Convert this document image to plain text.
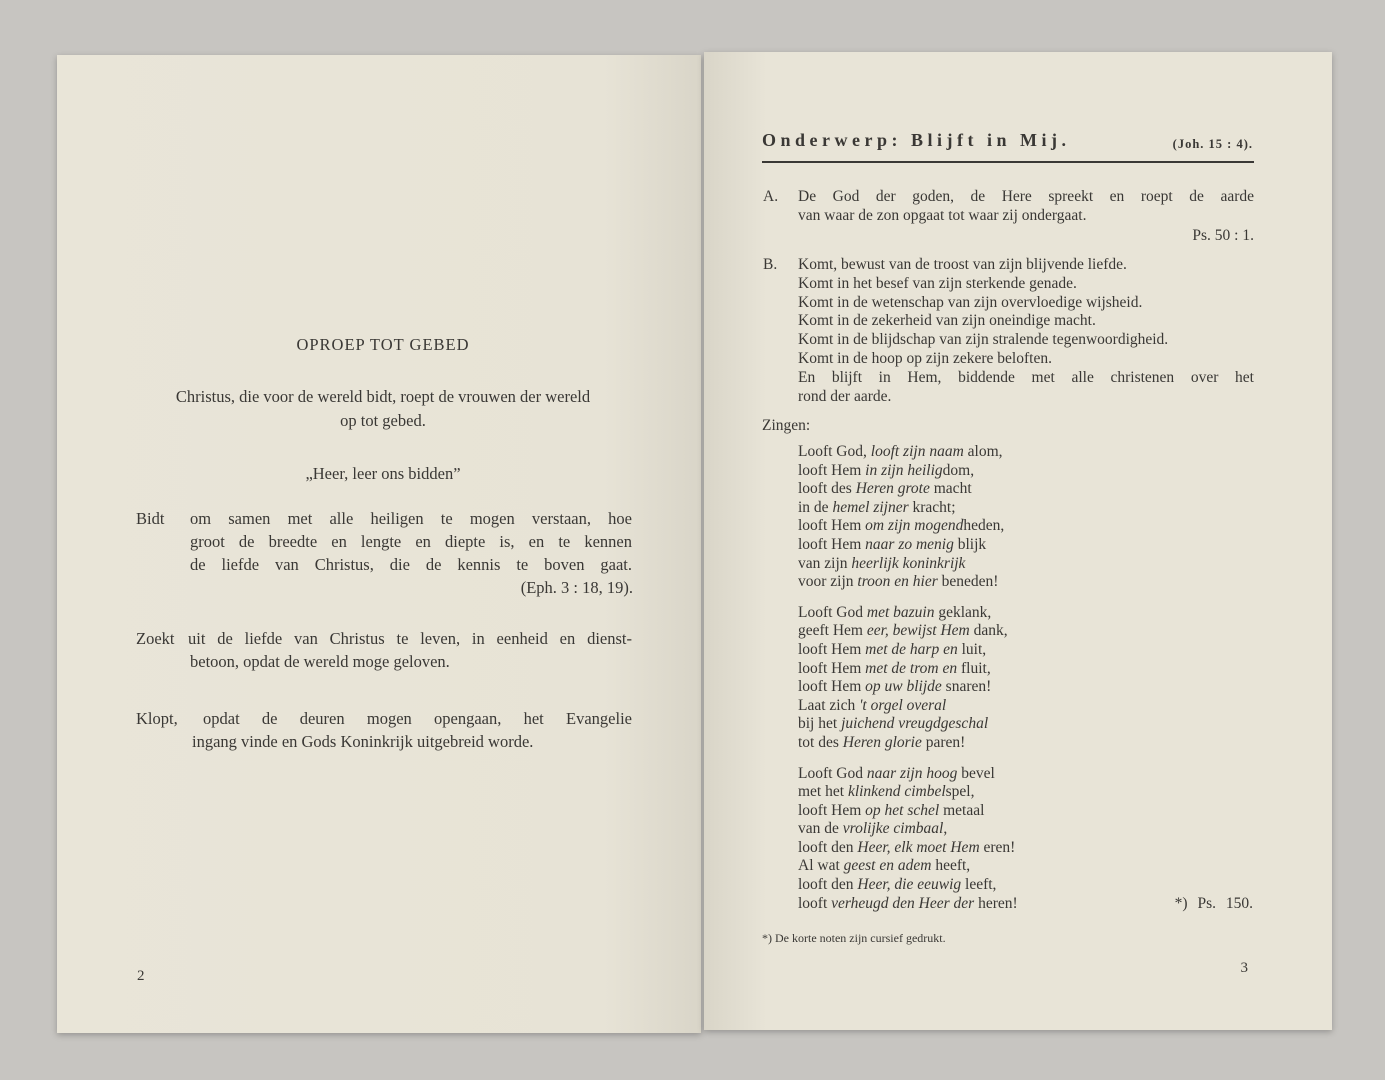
OPROEP TOT GEBED
Christus, die voor de wereld bidt, roept de vrouwen der wereld
op tot gebed.
„Heer, leer ons bidden”
Bidt om samen met alle heiligen te mogen verstaan, hoe
groot de breedte en lengte en diepte is, en te kennen
de liefde van Christus, die de kennis te boven gaat.
(Eph. 3 : 18, 19).
Zoekt uit de liefde van Christus te leven, in eenheid en dienst-
betoon, opdat de wereld moge geloven.
Klopt, opdat de deuren mogen opengaan, het Evangelie
ingang vinde en Gods Koninkrijk uitgebreid worde.
2
Onderwerp: Blijft in Mij.	(Joh. 15 : 4).
A. De God der goden, de Here spreekt en roept de aarde
van waar de zon opgaat tot waar zij ondergaat.
Ps. 50 : 1.
B. Komt, bewust van de troost van zijn blijvende liefde.
Komt in het besef van zijn sterkende genade.
Komt in de wetenschap van zijn overvloedige wijsheid.
Komt in de zekerheid van zijn oneindige macht.
Komt in de blijdschap van zijn stralende tegenwoordigheid.
Komt in de hoop op zijn zekere beloften.
En blijft in Hem, biddende met alle christenen over het
rond der aarde.
Zingen:
Looft God, looft zijn naam alom,
looft Hem in zijn heiligdom,
looft des Heren grote macht
in de hemel zijner kracht;
looft Hem om zijn mogendheden,
looft Hem naar zo menig blijk
van zijn heerlijk koninkrijk
voor zijn troon en hier beneden!
Looft God met bazuin geklank,
geeft Hem eer, bewijst Hem dank,
looft Hem met de harp en luit,
looft Hem met de trom en fluit,
looft Hem op uw blijde snaren!
Laat zich 't orgel overal
bij het juichend vreugdgeschal
tot des Heren glorie paren!
Looft God naar zijn hoog bevel
met het klinkend cimbelspel,
looft Hem op het schel metaal
van de vrolijke cimbaal,
looft den Heer, elk moet Hem eren!
Al wat geest en adem heeft,
looft den Heer, die eeuwig leeft,
looft verheugd den Heer der heren!	*) Ps. 150.
*) De korte noten zijn cursief gedrukt.
3
